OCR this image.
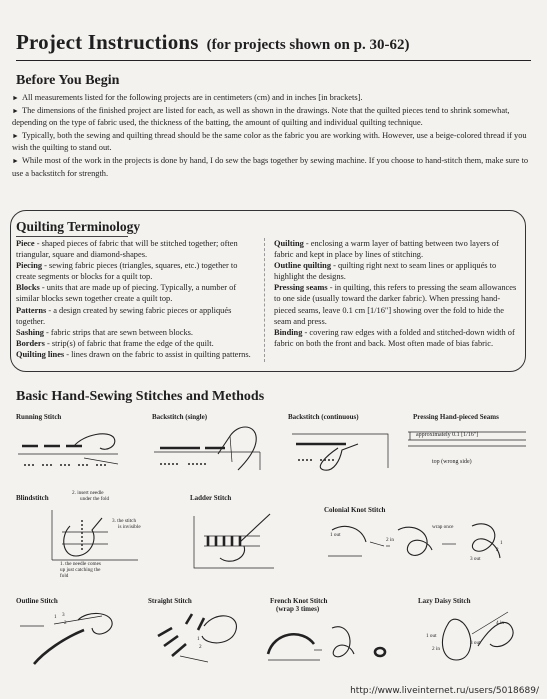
Project Instructions (for projects shown on p. 30-62)
Before You Begin

► All measurements listed for the following projects are in centimeters (cm) and in inches [in brackets].

► The dimensions of the finished project are listed for each, as well as shown in the drawings. Note that the quilted pieces tend to shrink somewhat, depending on the type of fabric used, the thickness of the batting, the amount of quilting and individual quilting technique.

► Typically, both the sewing and quilting thread should be the same color as the fabric you are working with. However, use a beige-colored thread if you wish the quilting to stand out.

► While most of the work in the projects is done by hand, I do sew the bags together by sewing machine. If you choose to hand-stitch them, make sure to use a backstitch for strength.

Quilting Terminology
Piece - shaped pieces of fabric that will be stitched together; often triangular, square and diamond-shapes.
Piecing - sewing fabric pieces (triangles, squares, etc.) together to create segments or blocks for a quilt top.
Blocks - units that are made up of piecing. Typically, a number of similar blocks sewn together create a quilt top.
Patterns - a design created by sewing fabric pieces or appliqués together.
Sashing - fabric strips that are sewn between blocks.
Borders - strip(s) of fabric that frame the edge of the quilt.
Quilting lines - lines drawn on the fabric to assist in quilting patterns.
Quilting - enclosing a warm layer of batting between two layers of fabric and kept in place by lines of stitching.
Outline quilting - quilting right next to seam lines or appliqués to highlight the designs.
Pressing seams - in quilting, this refers to pressing the seam allowances to one side (usually toward the darker fabric). When pressing hand-pieced seams, leave 0.1 cm [1/16"] showing over the fold to hide the seam and press.
Binding - covering raw edges with a folded and stitched-down width of fabric on both the front and back. Most often made of bias fabric.
Basic Hand-Sewing Stitches and Methods
Running Stitch	Backstitch (single)	Backstitch (continuous)	Pressing Hand-pieced Seams
approximately 0.1 [1/16"]
top (wrong side)
Blindstitch	Ladder Stitch
Colonial Knot Stitch
2. insert needle
under the fold
3. the stitch
is invisible
1. the needle comes
up just catching the
fold
1 out
2 in
wrap once
3 out
1
2
Outline Stitch	Straight Stitch	French Knot Stitch
(wrap 3 times)
Lazy Daisy Stitch
1
2
3
1
2
1 out
2 in
3 out
4 in
http://www.liveinternet.ru/users/5018689/
